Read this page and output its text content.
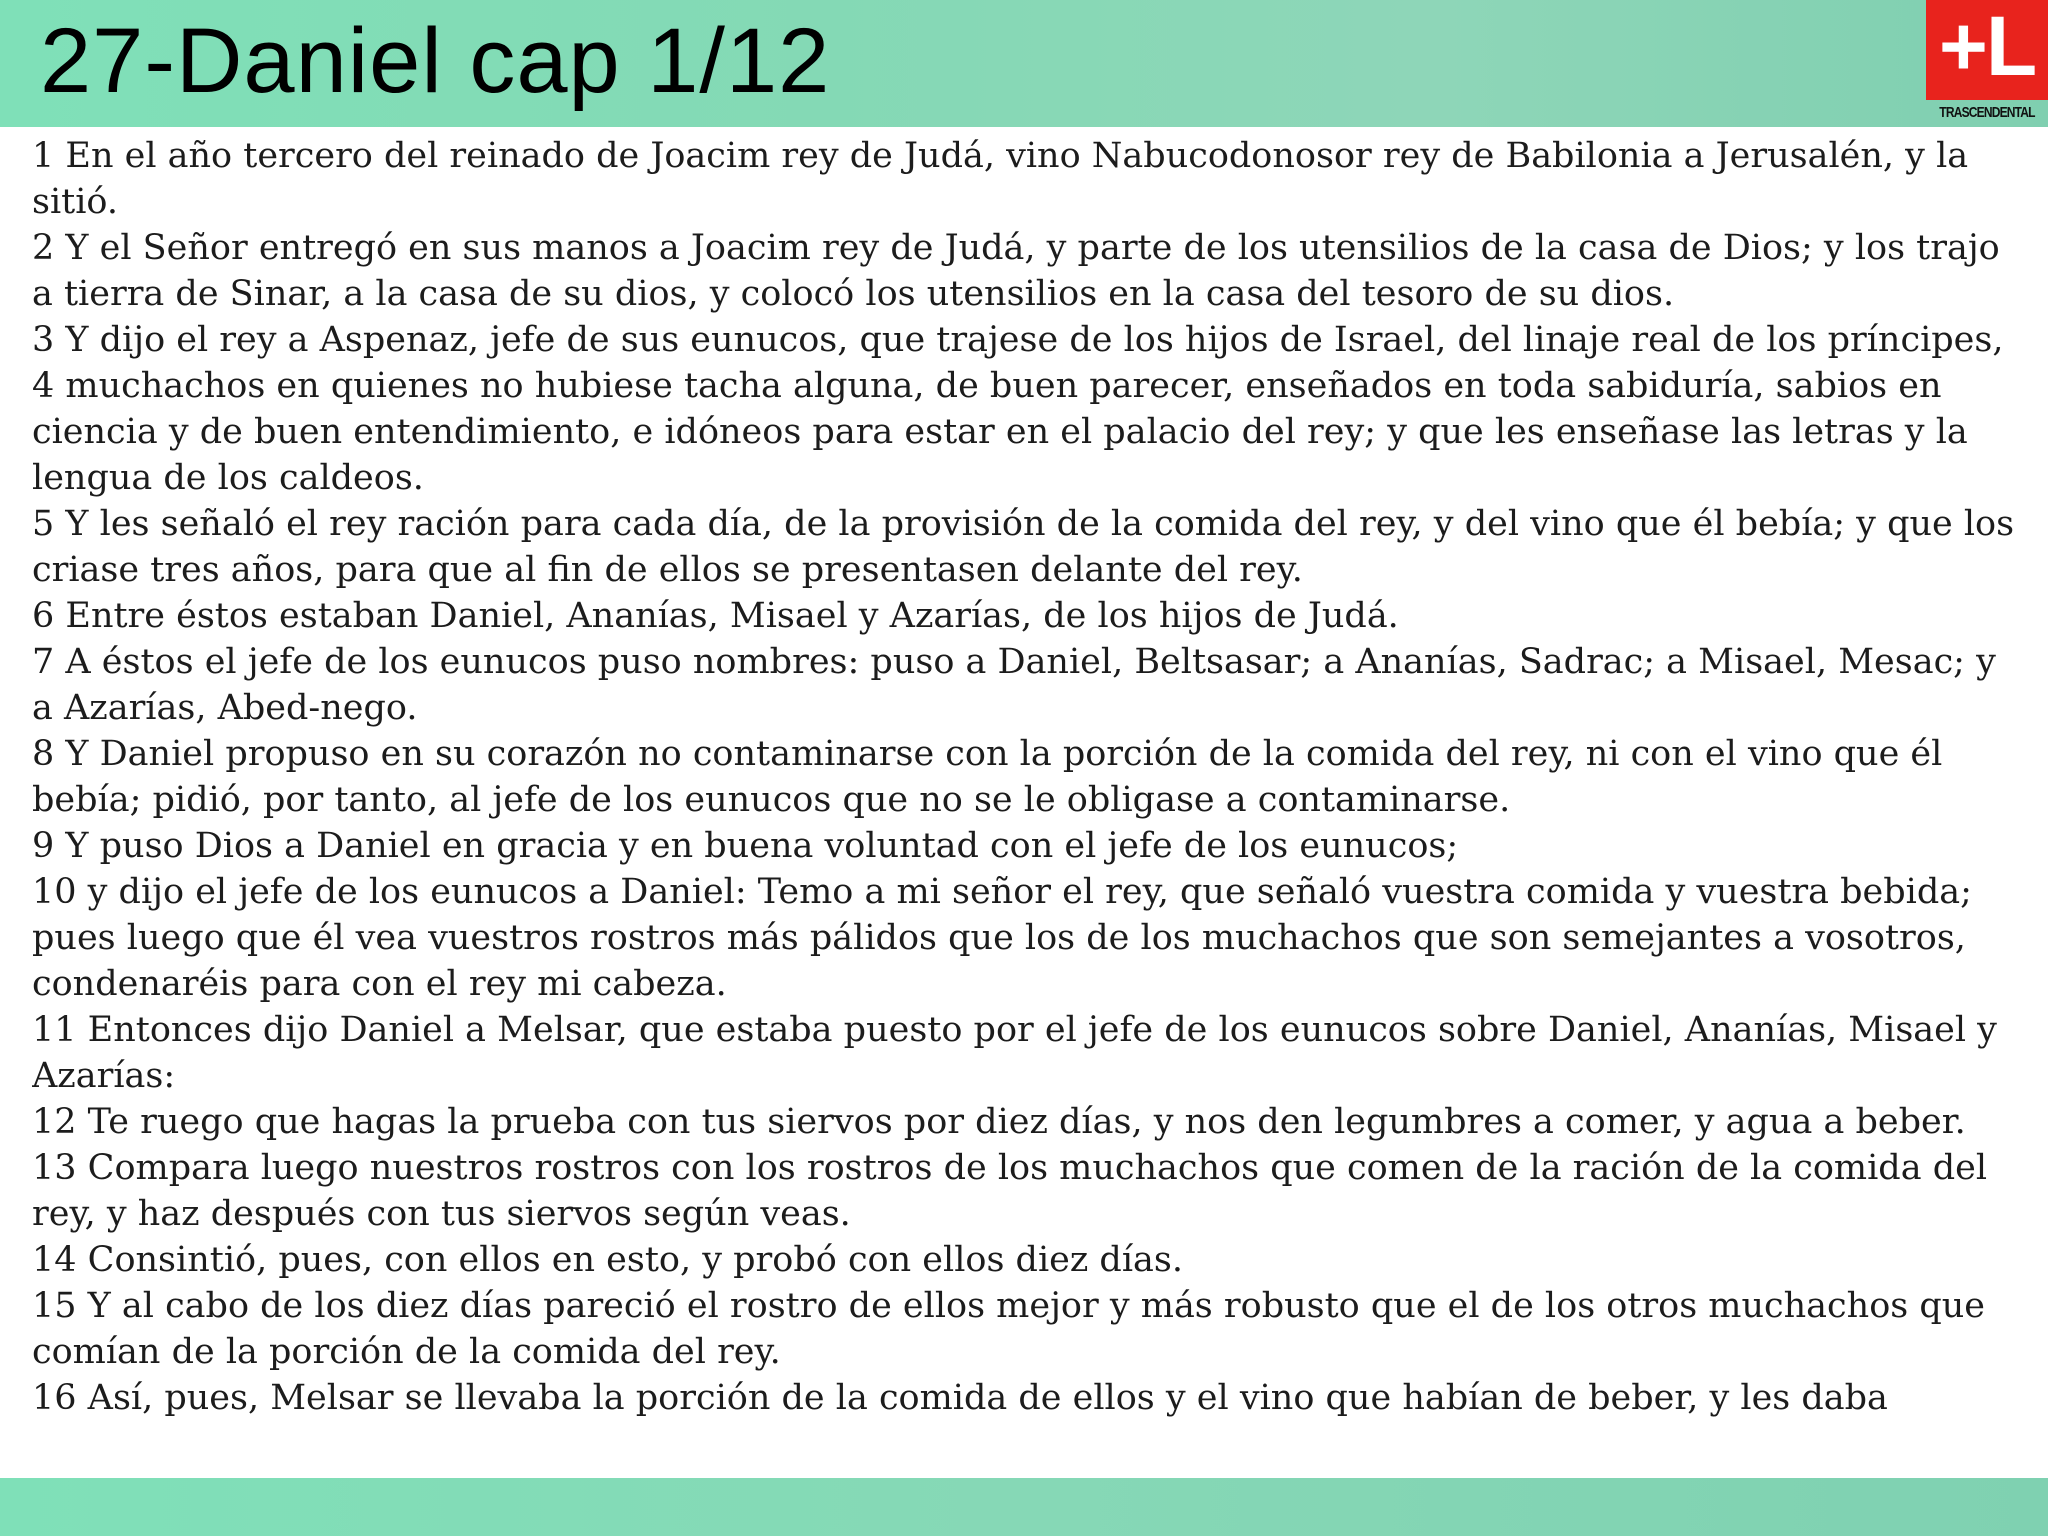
27-Daniel cap 1/12	+L
TRASCENDENTAL

1 En el año tercero del reinado de Joacim rey de Judá, vino Nabucodonosor rey de Babilonia a Jerusalén, y la sitió.

2 Y el Señor entregó en sus manos a Joacim rey de Judá, y parte de los utensilios de la casa de Dios; y los trajo a tierra de Sinar, a la casa de su dios, y colocó los utensilios en la casa del tesoro de su dios.

3 Y dijo el rey a Aspenaz, jefe de sus eunucos, que trajese de los hijos de Israel, del linaje real de los príncipes,

4 muchachos en quienes no hubiese tacha alguna, de buen parecer, enseñados en toda sabiduría, sabios en ciencia y de buen entendimiento, e idóneos para estar en el palacio del rey; y que les enseñase las letras y la lengua de los caldeos.

5 Y les señaló el rey ración para cada día, de la provisión de la comida del rey, y del vino que él bebía; y que los criase tres años, para que al fin de ellos se presentasen delante del rey.

6 Entre éstos estaban Daniel, Ananías, Misael y Azarías, de los hijos de Judá.

7 A éstos el jefe de los eunucos puso nombres: puso a Daniel, Beltsasar; a Ananías, Sadrac; a Misael, Mesac; y a Azarías, Abed-nego.

8 Y Daniel propuso en su corazón no contaminarse con la porción de la comida del rey, ni con el vino que él bebía; pidió, por tanto, al jefe de los eunucos que no se le obligase a contaminarse.

9 Y puso Dios a Daniel en gracia y en buena voluntad con el jefe de los eunucos;

10 y dijo el jefe de los eunucos a Daniel: Temo a mi señor el rey, que señaló vuestra comida y vuestra bebida; pues luego que él vea vuestros rostros más pálidos que los de los muchachos que son semejantes a vosotros, condenaréis para con el rey mi cabeza.

11 Entonces dijo Daniel a Melsar, que estaba puesto por el jefe de los eunucos sobre Daniel, Ananías, Misael y Azarías:

12 Te ruego que hagas la prueba con tus siervos por diez días, y nos den legumbres a comer, y agua a beber.

13 Compara luego nuestros rostros con los rostros de los muchachos que comen de la ración de la comida del rey, y haz después con tus siervos según veas.

14 Consintió, pues, con ellos en esto, y probó con ellos diez días.

15 Y al cabo de los diez días pareció el rostro de ellos mejor y más robusto que el de los otros muchachos que comían de la porción de la comida del rey.

16 Así, pues, Melsar se llevaba la porción de la comida de ellos y el vino que habían de beber, y les daba
